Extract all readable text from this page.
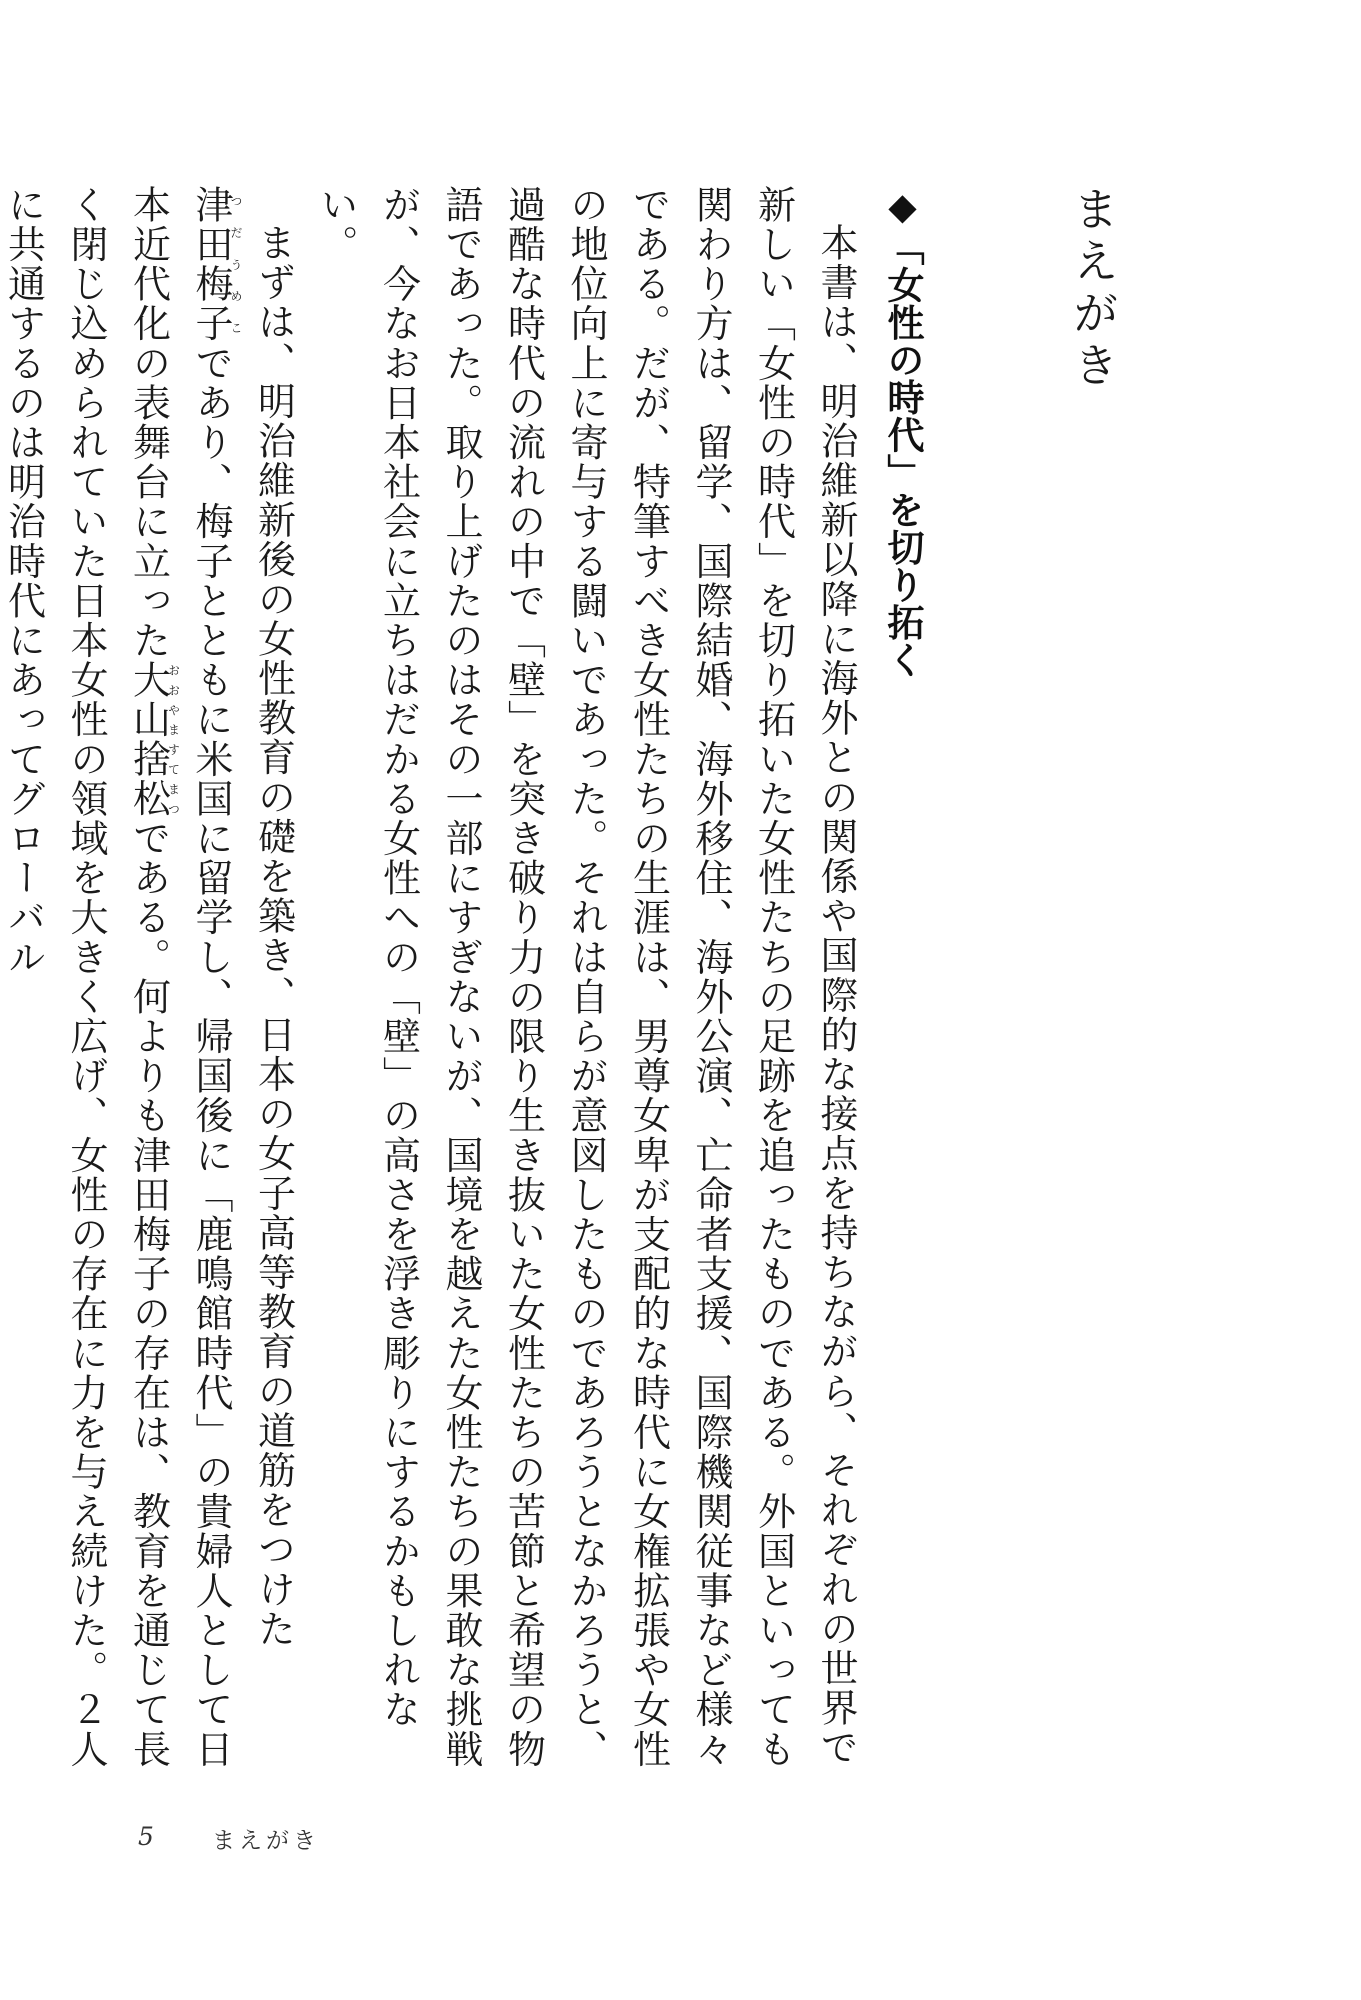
まえがき
◆「女性の時代」を切り拓く

本書は、明治維新以降に海外との関係や国際的な接点を持ちながら、それぞれの世界で新しい「女性の時代」を切り拓いた女性たちの足跡を追ったものである。外国といっても関わり方は、留学、国際結婚、海外移住、海外公演、亡命者支援、国際機関従事など様々である。だが、特筆すべき女性たちの生涯は、男尊女卑が支配的な時代に女権拡張や女性の地位向上に寄与する闘いであった。それは自らが意図したものであろうとなかろうと、過酷な時代の流れの中で「壁」を突き破り力の限り生き抜いた女性たちの苦節と希望の物語であった。取り上げたのはその一部にすぎないが、国境を越えた女性たちの果敢な挑戦が、今なお日本社会に立ちはだかる女性への「壁」の高さを浮き彫りにするかもしれない。

まずは、明治維新後の女性教育の礎を築き、日本の女子高等教育の道筋をつけた津田梅子つだうめこであり、梅子とともに米国に留学し、帰国後に「鹿鳴館時代」の貴婦人として日本近代化の表舞台に立った大山捨松おおやますてまつである。何よりも津田梅子の存在は、教育を通じて長く閉じ込められていた日本女性の領域を大きく広げ、女性の存在に力を与え続けた。２人に共通するのは明治時代にあってグローバル

5	まえがき
